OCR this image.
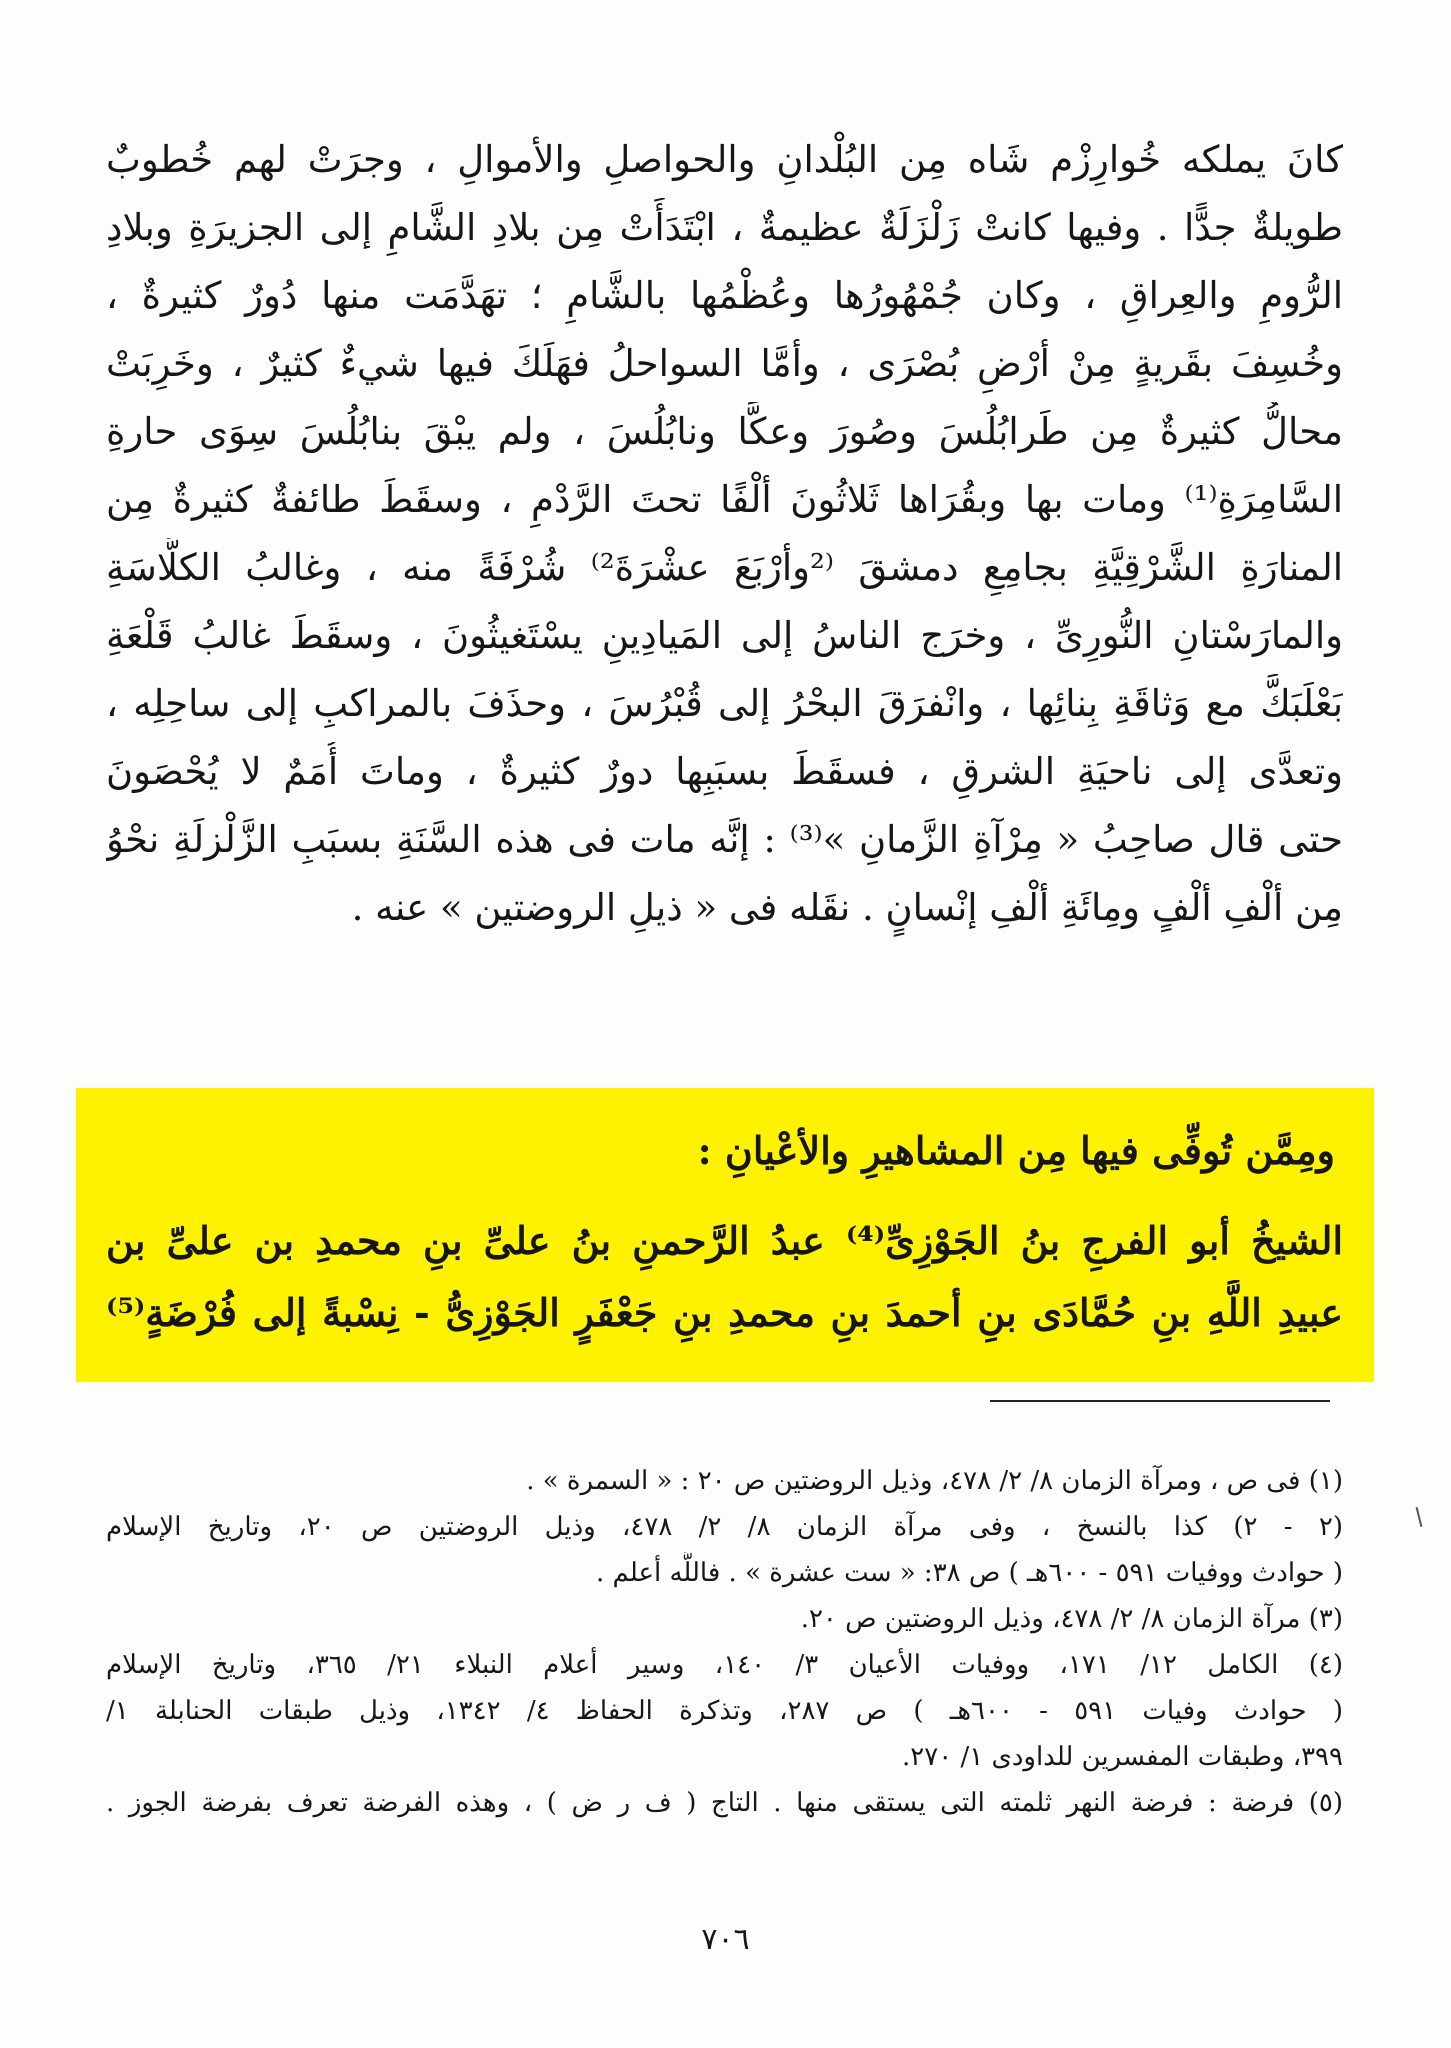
كانَ يملكه خُوارِزْم شَاه مِن البُلْدانِ والحواصلِ والأموالِ ، وجرَتْ لهم خُطوبٌ
طويلةٌ جدًّا . وفيها كانتْ زَلْزَلَةٌ عظيمةٌ ، ابْتَدَأَتْ مِن بلادِ الشَّامِ إلى الجزيرَةِ وبلادِ
الرُّومِ والعِراقِ ، وكان جُمْهُورُها وعُظْمُها بالشَّامِ ؛ تهَدَّمَت منها دُورٌ كثيرةٌ ،
وخُسِفَ بقَريةٍ مِنْ أرْضِ بُصْرَى ، وأمَّا السواحلُ فهَلَكَ فيها شيءٌ كثيرٌ ، وخَرِبَتْ
محالُّ كثيرةٌ مِن طَرابُلُسَ وصُورَ وعكَّا ونابُلُسَ ، ولم يبْقَ بنابُلُسَ سِوَى حارةِ
السَّامِرَةِ⁽¹⁾ ومات بها وبقُرَاها ثَلاثُونَ ألْفًا تحتَ الرَّدْمِ ، وسقَطَ طائفةٌ كثيرةٌ مِن
المنارَةِ الشَّرْقِيَّةِ بجامِعِ دمشقَ ⁽²وأرْبَعَ عشْرَةَ²⁾ شُرْفَةً منه ، وغالبُ الكلَّاسَةِ
والمارَسْتانِ النُّورِىِّ ، وخرَج الناسُ إلى المَيادِينِ يسْتَغيثُونَ ، وسقَطَ غالبُ قَلْعَةِ
بَعْلَبَكَّ مع وَثاقَةِ بِنائِها ، وانْفرَقَ البحْرُ إلى قُبْرُسَ ، وحذَفَ بالمراكبِ إلى ساحِلِه ،
وتعدَّى إلى ناحيَةِ الشرقِ ، فسقَطَ بسبَبِها دورٌ كثيرةٌ ، وماتَ أُمَمٌ لا يُحْصَونَ
حتى قال صاحِبُ « مِرْآةِ الزَّمانِ »⁽³⁾ : إنَّه مات فى هذه السَّنَةِ بسبَبِ الزَّلْزلَةِ نحْوُ
مِن ألْفِ ألْفٍ ومِائَةِ ألْفِ إنْسانٍ . نقَله فى « ذيلِ الروضتين » عنه .
ومِمَّن تُوفِّى فيها مِن المشاهيرِ والأعْيانِ :
الشيخُ أبو الفرجِ بنُ الجَوْزِىِّ⁽⁴⁾ عبدُ الرَّحمنِ بنُ علىِّ بنِ محمدِ بن علىِّ بن
عبيدِ اللَّهِ بنِ حُمَّادَى بنِ أحمدَ بنِ محمدِ بنِ جَعْفَرٍ الجَوْزِىُّ - نِسْبةً إلى فُرْضَةٍ⁽⁵⁾
(١) فى ص ، ومرآة الزمان ٨/ ٢/ ٤٧٨، وذيل الروضتين ص ٢٠ : « السمرة » .
(٢ - ٢) كذا بالنسخ ، وفى مرآة الزمان ٨/ ٢/ ٤٧٨، وذيل الروضتين ص ٢٠، وتاريخ الإسلام
( حوادث ووفيات ٥٩١ - ٦٠٠هـ ) ص ٣٨: « ست عشرة » . فاللَّه أعلم .
(٣) مرآة الزمان ٨/ ٢/ ٤٧٨، وذيل الروضتين ص ٢٠.
(٤) الكامل ١٢/ ١٧١، ووفيات الأعيان ٣/ ١٤٠، وسير أعلام النبلاء ٢١/ ٣٦٥، وتاريخ الإسلام
( حوادث وفيات ٥٩١ - ٦٠٠هـ ) ص ٢٨٧، وتذكرة الحفاظ ٤/ ١٣٤٢، وذيل طبقات الحنابلة ١/
٣٩٩، وطبقات المفسرين للداودى ١/ ٢٧٠.
(٥) فرضة : فرضة النهر ثلمته التى يستقى منها . التاج ( ف ر ض ) ، وهذه الفرضة تعرف بفرضة الجوز .
٧٠٦
